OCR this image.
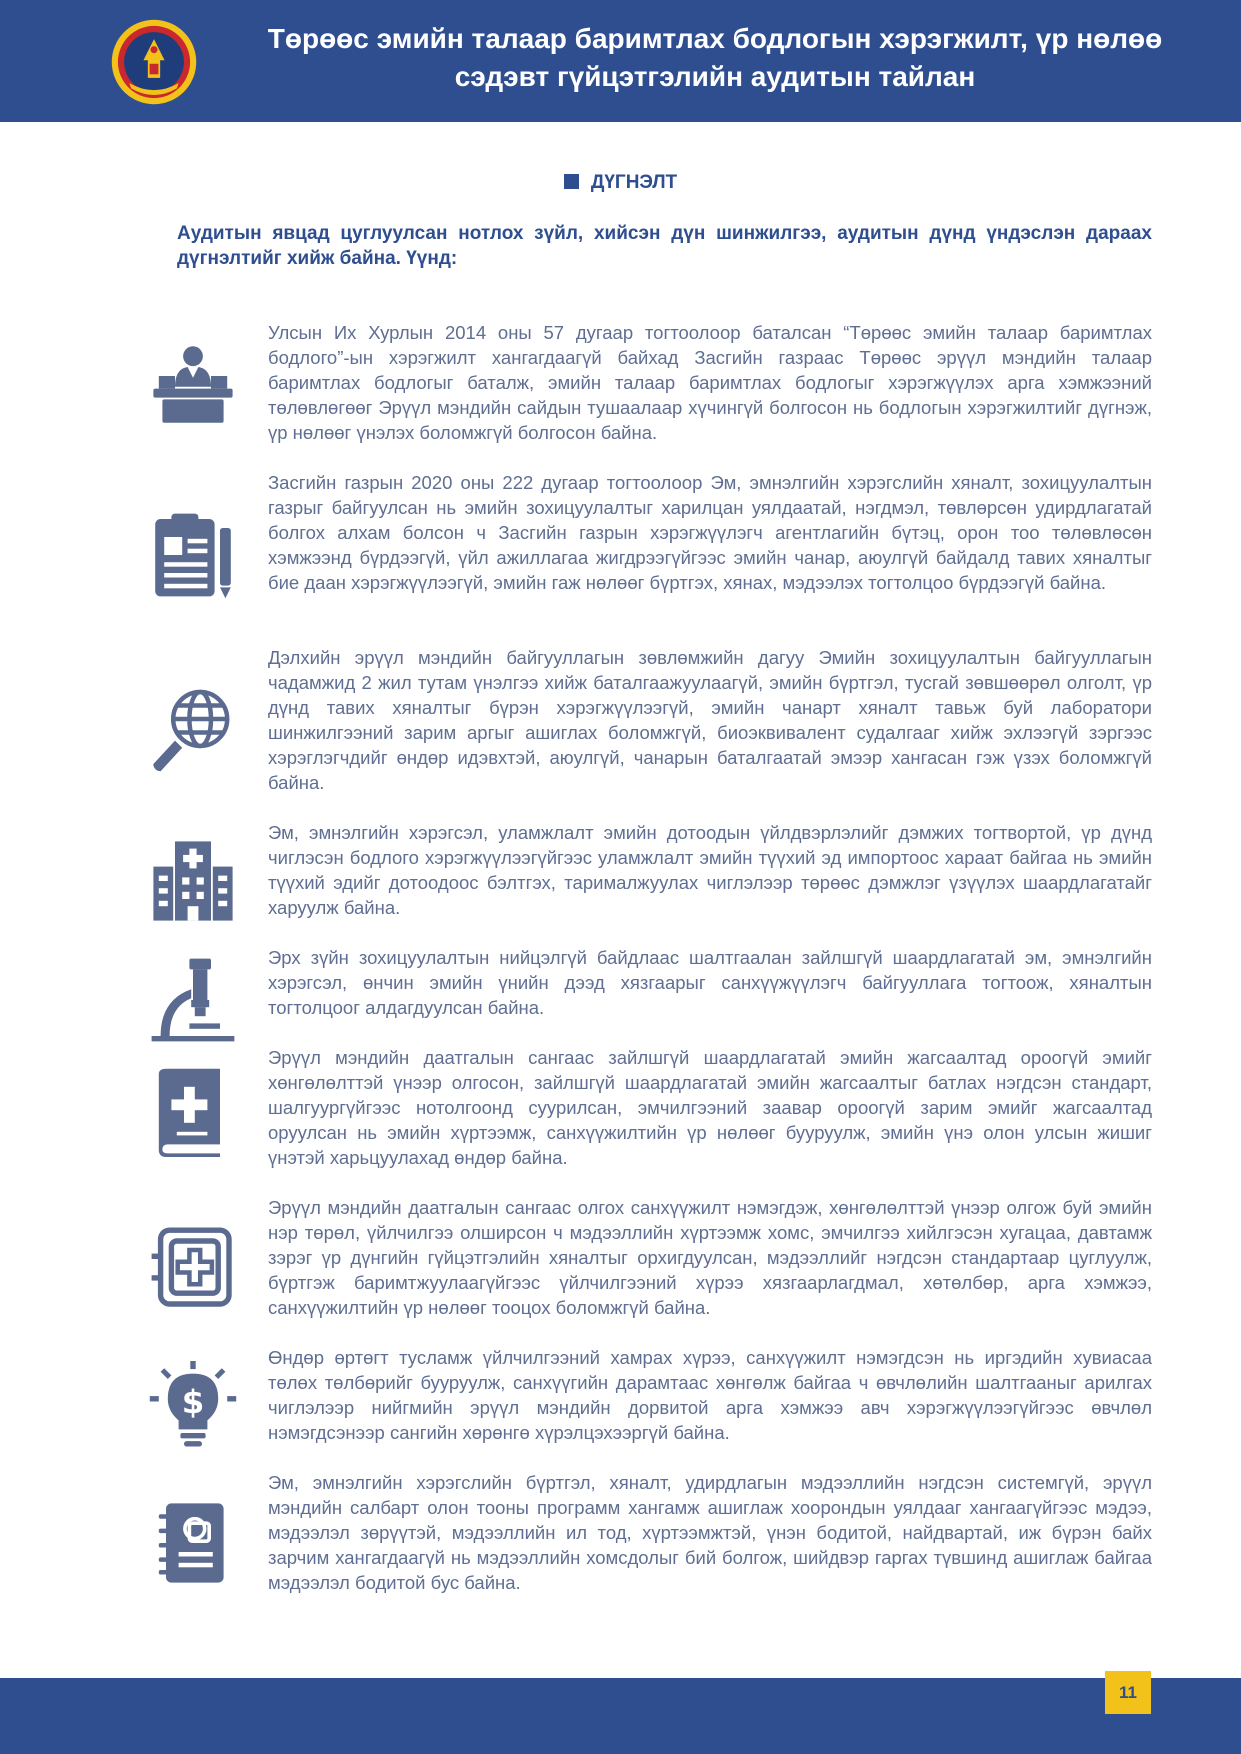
Төрөөс эмийн талаар баримтлах бодлогын хэрэгжилт, үр нөлөө
сэдэвт гүйцэтгэлийн аудитын тайлан
ДҮГНЭЛТ
Аудитын явцад цуглуулсан нотлох зүйл, хийсэн дүн шинжилгээ, аудитын дүнд үндэслэн дараах дүгнэлтийг хийж байна. Үүнд:
Улсын Их Хурлын 2014 оны 57 дугаар тогтоолоор баталсан “Төрөөс эмийн талаар баримтлах бодлого”-ын хэрэгжилт хангагдаагүй байхад Засгийн газраас Төрөөс эрүүл мэндийн талаар баримтлах бодлогыг баталж, эмийн талаар баримтлах бодлогыг хэрэгжүүлэх арга хэмжээний төлөвлөгөөг Эрүүл мэндийн сайдын тушаалаар хүчингүй болгосон нь бодлогын хэрэгжилтийг дүгнэж, үр нөлөөг үнэлэх боломжгүй болгосон байна.
Засгийн газрын 2020 оны 222 дугаар тогтоолоор Эм, эмнэлгийн хэрэгслийн хяналт, зохицуулалтын газрыг байгуулсан нь эмийн зохицуулалтыг харилцан уялдаатай, нэгдмэл, төвлөрсөн удирдлагатай болгох алхам болсон ч Засгийн газрын хэрэгжүүлэгч агентлагийн бүтэц, орон тоо төлөвлөсөн хэмжээнд бүрдээгүй, үйл ажиллагаа жигдрээгүйгээс эмийн чанар, аюулгүй байдалд тавих хяналтыг бие даан хэрэгжүүлээгүй, эмийн гаж нөлөөг бүртгэх, хянах, мэдээлэх тогтолцоо бүрдээгүй байна.
Дэлхийн эрүүл мэндийн байгууллагын зөвлөмжийн дагуу Эмийн зохицуулалтын байгууллагын чадамжид 2 жил тутам үнэлгээ хийж баталгаажуулаагүй, эмийн бүртгэл, тусгай зөвшөөрөл олголт, үр дүнд тавих хяналтыг бүрэн хэрэгжүүлээгүй, эмийн чанарт хяналт тавьж буй лаборатори шинжилгээний зарим аргыг ашиглах боломжгүй, биоэквивалент судалгааг хийж эхлээгүй зэргээс хэрэглэгчдийг өндөр идэвхтэй, аюулгүй, чанарын баталгаатай эмээр хангасан гэж үзэх боломжгүй байна.
Эм, эмнэлгийн хэрэгсэл, уламжлалт эмийн дотоодын үйлдвэрлэлийг дэмжих тогтвортой, үр дүнд чиглэсэн бодлого хэрэгжүүлээгүйгээс уламжлалт эмийн түүхий эд импортоос хараат байгаа нь эмийн түүхий эдийг дотоодоос бэлтгэх, тарималжуулах чиглэлээр төрөөс дэмжлэг үзүүлэх шаардлагатайг харуулж байна.
Эрх зүйн зохицуулалтын нийцэлгүй байдлаас шалтгаалан зайлшгүй шаардлагатай эм, эмнэлгийн хэрэгсэл, өнчин эмийн үнийн дээд хязгаарыг санхүүжүүлэгч байгууллага тогтоож, хяналтын тогтолцоог алдагдуулсан байна.
Эрүүл мэндийн даатгалын сангаас зайлшгүй шаардлагатай эмийн жагсаалтад ороогүй эмийг хөнгөлөлттэй үнээр олгосон, зайлшгүй шаардлагатай эмийн жагсаалтыг батлах нэгдсэн стандарт, шалгуургүйгээс нотолгоонд суурилсан, эмчилгээний заавар ороогүй зарим эмийг жагсаалтад оруулсан нь эмийн хүртээмж, санхүүжилтийн үр нөлөөг бууруулж, эмийн үнэ олон улсын жишиг үнэтэй харьцуулахад өндөр байна.
Эрүүл мэндийн даатгалын сангаас олгох санхүүжилт нэмэгдэж, хөнгөлөлттэй үнээр олгож буй эмийн нэр төрөл, үйлчилгээ олширсон ч мэдээллийн хүртээмж хомс, эмчилгээ хийлгэсэн хугацаа, давтамж зэрэг үр дүнгийн гүйцэтгэлийн хяналтыг орхигдуулсан, мэдээллийг нэгдсэн стандартаар цуглуулж, бүртгэж баримтжуулаагүйгээс үйлчилгээний хүрээ хязгаарлагдмал, хөтөлбөр, арга хэмжээ, санхүүжилтийн үр нөлөөг тооцох боломжгүй байна.
$
Өндөр өртөгт тусламж үйлчилгээний хамрах хүрээ, санхүүжилт нэмэгдсэн нь иргэдийн хувиасаа төлөх төлбөрийг бууруулж, санхүүгийн дарамтаас хөнгөлж байгаа ч өвчлөлийн шалтгааныг арилгах чиглэлээр нийгмийн эрүүл мэндийн дорвитой арга хэмжээ авч хэрэгжүүлээгүйгээс өвчлөл нэмэгдсэнээр сангийн хөрөнгө хүрэлцэхээргүй байна.
Эм, эмнэлгийн хэрэгслийн бүртгэл, хяналт, удирдлагын мэдээллийн нэгдсэн системгүй, эрүүл мэндийн салбарт олон тооны программ хангамж ашиглаж хоорондын уялдааг хангаагүйгээс мэдээ, мэдээлэл зөрүүтэй, мэдээллийн ил тод, хүртээмжтэй, үнэн бодитой, найдвартай, иж бүрэн байх зарчим хангагдаагүй нь мэдээллийн хомсдолыг бий болгож, шийдвэр гаргах түвшинд ашиглаж байгаа мэдээлэл бодитой бус байна.
11
